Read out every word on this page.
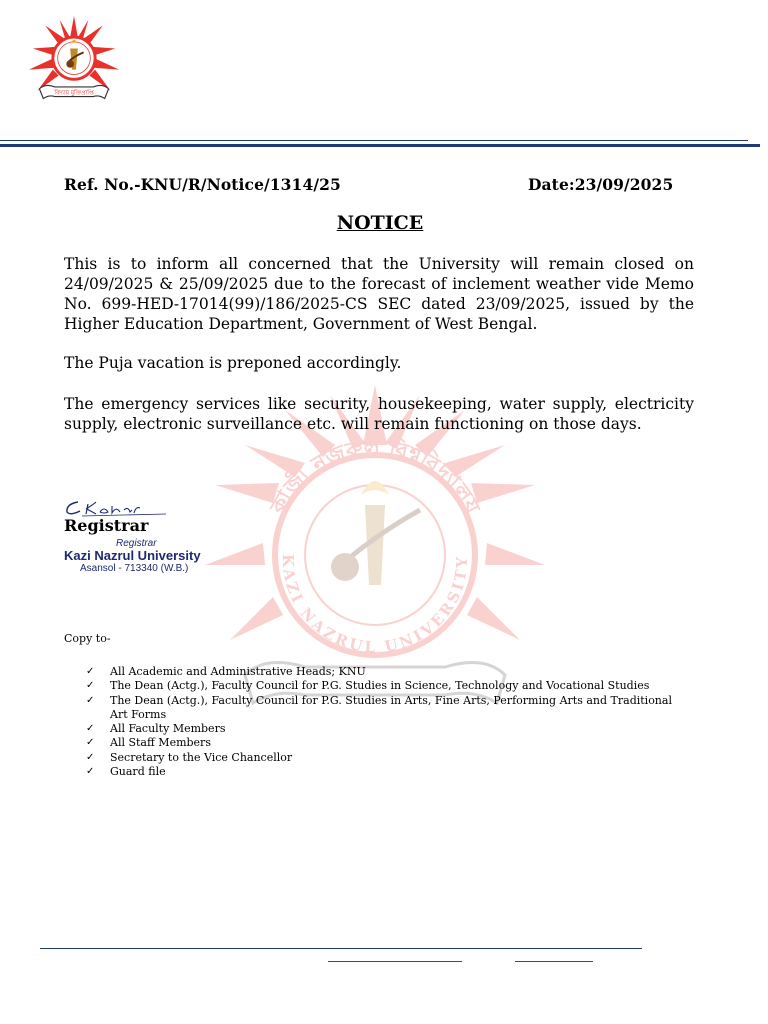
বিদ্যায় মুক্তিপ্রাপ্তি
Ref. No.-KNU/R/Notice/1314/25	Date:23/09/2025
NOTICE
কাজী নজরুল বিশ্ববিদ্যালয়
KAZI NAZRUL UNIVERSITY
This is to inform all concerned that the University will remain closed on 24/09/2025 & 25/09/2025 due to the forecast of inclement weather vide Memo No. 699-HED-17014(99)/186/2025-CS SEC dated 23/09/2025, issued by the Higher Education Department, Government of West Bengal.
The Puja vacation is preponed accordingly.
The emergency services like security, housekeeping, water supply, electricity supply, electronic surveillance etc. will remain functioning on those days.
Registrar
Registrar
Kazi Nazrul University
Asansol - 713340 (W.B.)
Copy to-
✓ All Academic and Administrative Heads; KNU
✓ The Dean (Actg.), Faculty Council for P.G. Studies in Science, Technology and Vocational Studies
✓ The Dean (Actg.), Faculty Council for P.G. Studies in Arts, Fine Arts, Performing Arts and Traditional Art Forms
✓ All Faculty Members
✓ All Staff Members
✓ Secretary to the Vice Chancellor
✓ Guard file
